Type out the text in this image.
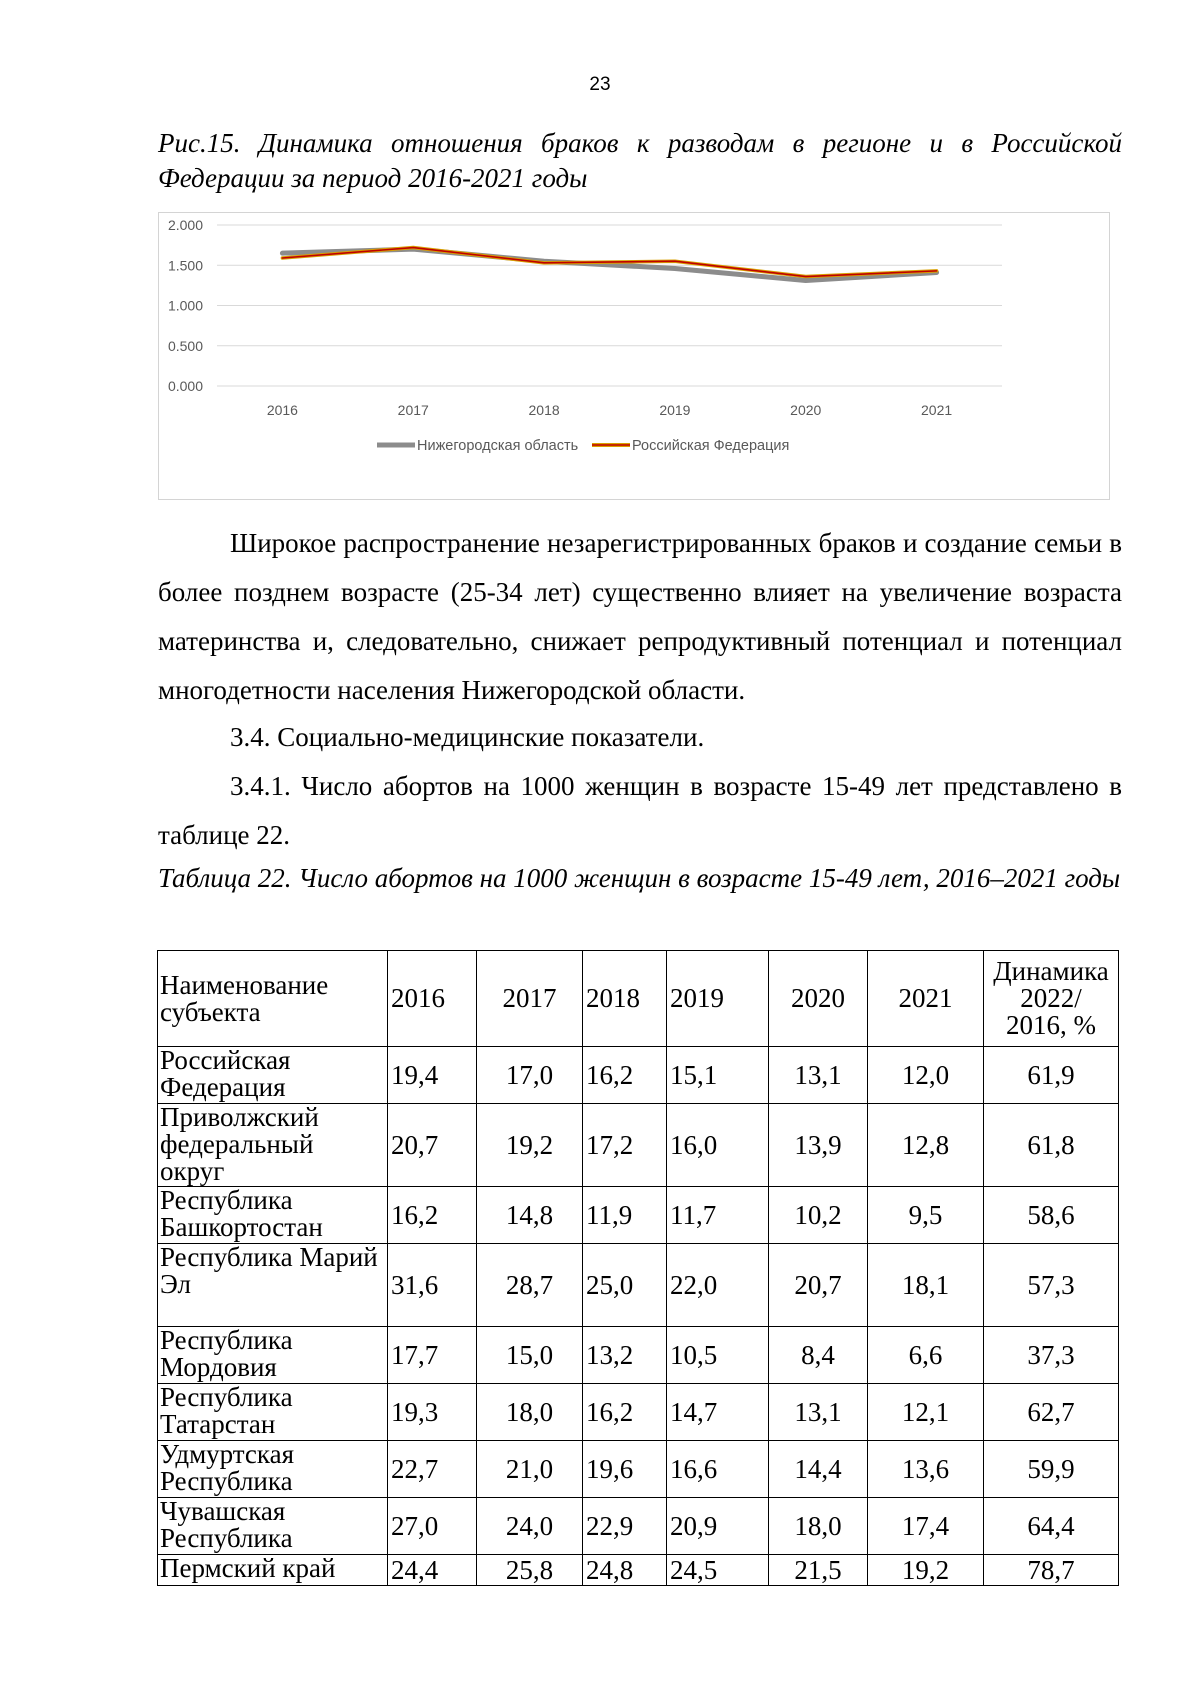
23
Рис.15. Динамика отношения браков к разводам в регионе и в Российской Федерации за период 2016-2021 годы
2.000
1.500
1.000
0.500
0.000
2016	2017	2018	2019	2020	2021
Нижегородская область	Российская Федерация
Широкое распространение незарегистрированных браков и создание семьи в более позднем возрасте (25-34 лет) существенно влияет на увеличение возраста материнства и, следовательно, снижает репродуктивный потенциал и потенциал многодетности населения Нижегородской области.
3.4. Социально-медицинские показатели.
3.4.1. Число абортов на 1000 женщин в возрасте 15-49 лет представлено в таблице 22.
Таблица 22. Число абортов на 1000 женщин в возрасте 15-49 лет, 2016–2021 годы
Наименование субъекта	2016	2017	2018	2019	2020	2021	Динамика 2022/ 2016, %
Российская Федерация	19,4	17,0	16,2	15,1	13,1	12,0	61,9
Приволжский федеральный округ	20,7	19,2	17,2	16,0	13,9	12,8	61,8
Республика Башкортостан	16,2	14,8	11,9	11,7	10,2	9,5	58,6
Республика Марий Эл	31,6	28,7	25,0	22,0	20,7	18,1	57,3
Республика Мордовия	17,7	15,0	13,2	10,5	8,4	6,6	37,3
Республика Татарстан	19,3	18,0	16,2	14,7	13,1	12,1	62,7
Удмуртская Республика	22,7	21,0	19,6	16,6	14,4	13,6	59,9
Чувашская Республика	27,0	24,0	22,9	20,9	18,0	17,4	64,4
Пермский край	24,4	25,8	24,8	24,5	21,5	19,2	78,7
